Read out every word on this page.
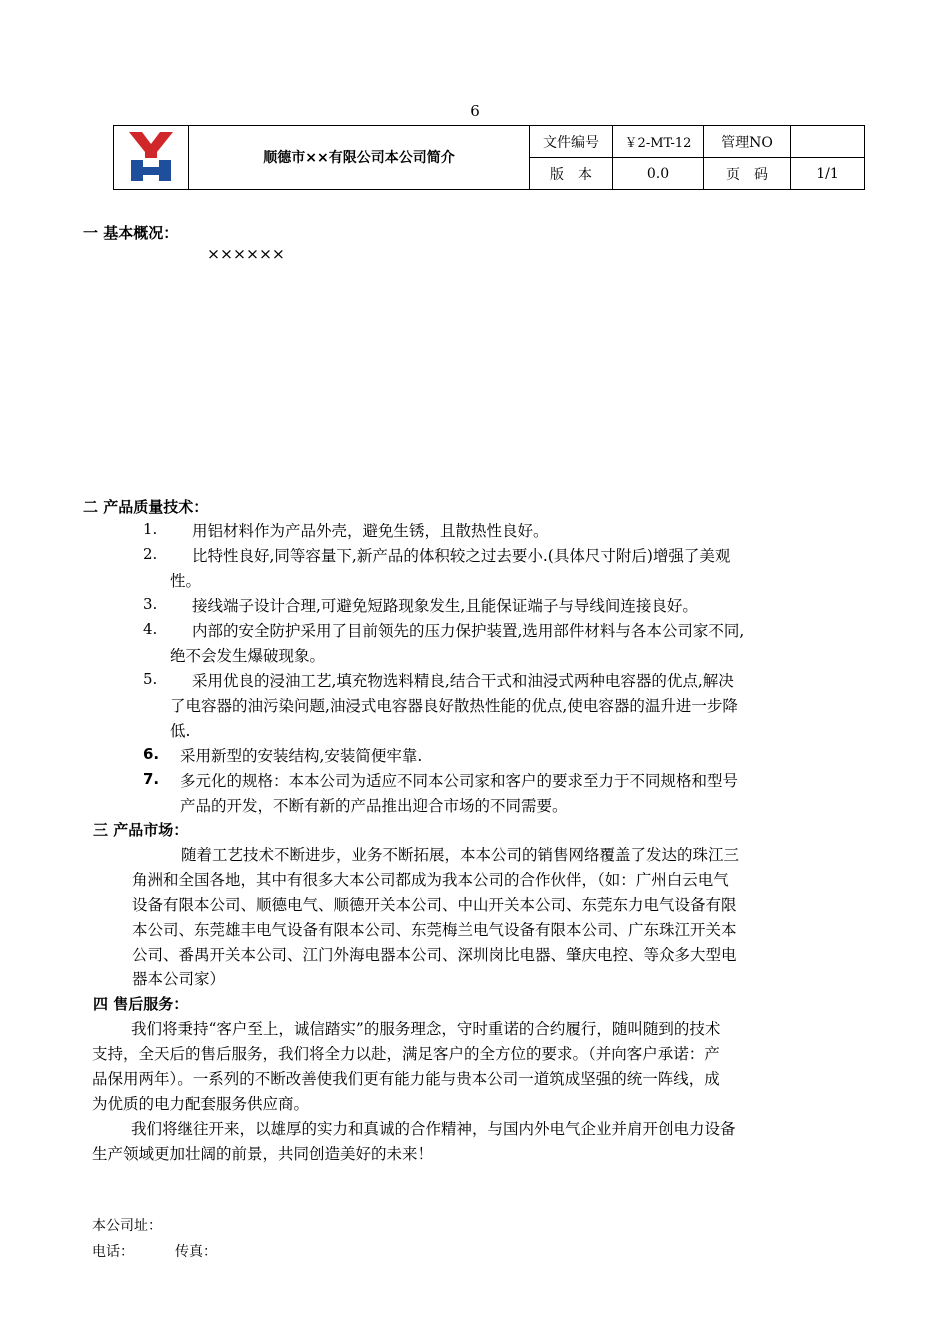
6
	顺德市××有限公司本公司简介	文件编号	￥2-MT-12	管理NO	
		版　本	0.0	页　码	1/1
一 基本概况：
××××××
二 产品质量技术：
1. 用铝材料作为产品外壳，避免生锈，且散热性良好。
2. 比特性良好,同等容量下,新产品的体积较之过去要小.(具体尺寸附后)增强了美观
性。
3. 接线端子设计合理,可避免短路现象发生,且能保证端子与导线间连接良好。
4. 内部的安全防护采用了目前领先的压力保护装置,选用部件材料与各本公司家不同,
绝不会发生爆破现象。
5. 采用优良的浸油工艺,填充物选料精良,结合干式和油浸式两种电容器的优点,解决
了电容器的油污染问题,油浸式电容器良好散热性能的优点,使电容器的温升进一步降
低.
6. 采用新型的安装结构,安装简便牢靠.
7. 多元化的规格：本本公司为适应不同本公司家和客户的要求至力于不同规格和型号
产品的开发，不断有新的产品推出迎合市场的不同需要。
三 产品市场：
随着工艺技术不断进步，业务不断拓展，本本公司的销售网络覆盖了发达的珠江三
角洲和全国各地，其中有很多大本公司都成为我本公司的合作伙伴，（如：广州白云电气
设备有限本公司、顺德电气、顺德开关本公司、中山开关本公司、东莞东力电气设备有限
本公司、东莞雄丰电气设备有限本公司、东莞梅兰电气设备有限本公司、广东珠江开关本
公司、番禺开关本公司、江门外海电器本公司、深圳岗比电器、肇庆电控、等众多大型电
器本公司家）
四 售后服务：
我们将秉持“客户至上，诚信踏实”的服务理念，守时重诺的合约履行，随叫随到的技术
支持，全天后的售后服务，我们将全力以赴，满足客户的全方位的要求。（并向客户承诺：产
品保用两年）。一系列的不断改善使我们更有能力能与贵本公司一道筑成坚强的统一阵线，成
为优质的电力配套服务供应商。
我们将继往开来，以雄厚的实力和真诚的合作精神，与国内外电气企业并肩开创电力设备
生产领域更加壮阔的前景，共同创造美好的未来！
本公司址：
电话：	传真：
